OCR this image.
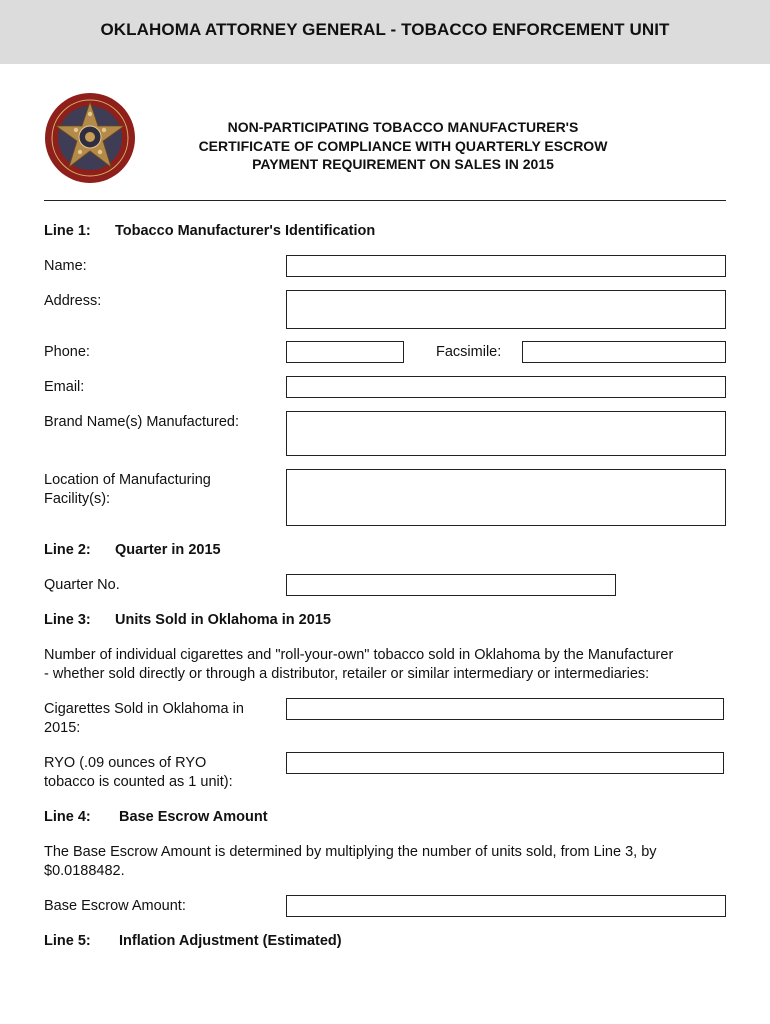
OKLAHOMA ATTORNEY GENERAL - TOBACCO ENFORCEMENT UNIT
NON-PARTICIPATING TOBACCO MANUFACTURER'S
CERTIFICATE OF COMPLIANCE WITH QUARTERLY ESCROW
PAYMENT REQUIREMENT ON SALES IN 2015
Line 1: Tobacco Manufacturer's Identification
Name:
Address:
Phone:	Facsimile:
Email:
Brand Name(s) Manufactured:
Location of Manufacturing
Facility(s):
Line 2: Quarter in 2015
Quarter No.
Line 3: Units Sold in Oklahoma in 2015
Number of individual cigarettes and "roll-your-own" tobacco sold in Oklahoma by the Manufacturer
- whether sold directly or through a distributor, retailer or similar intermediary or intermediaries:
Cigarettes Sold in Oklahoma in
2015:
RYO (.09 ounces of RYO
tobacco is counted as 1 unit):
Line 4: Base Escrow Amount
The Base Escrow Amount is determined by multiplying the number of units sold, from Line 3, by
$0.0188482.
Base Escrow Amount:
Line 5: Inflation Adjustment (Estimated)
